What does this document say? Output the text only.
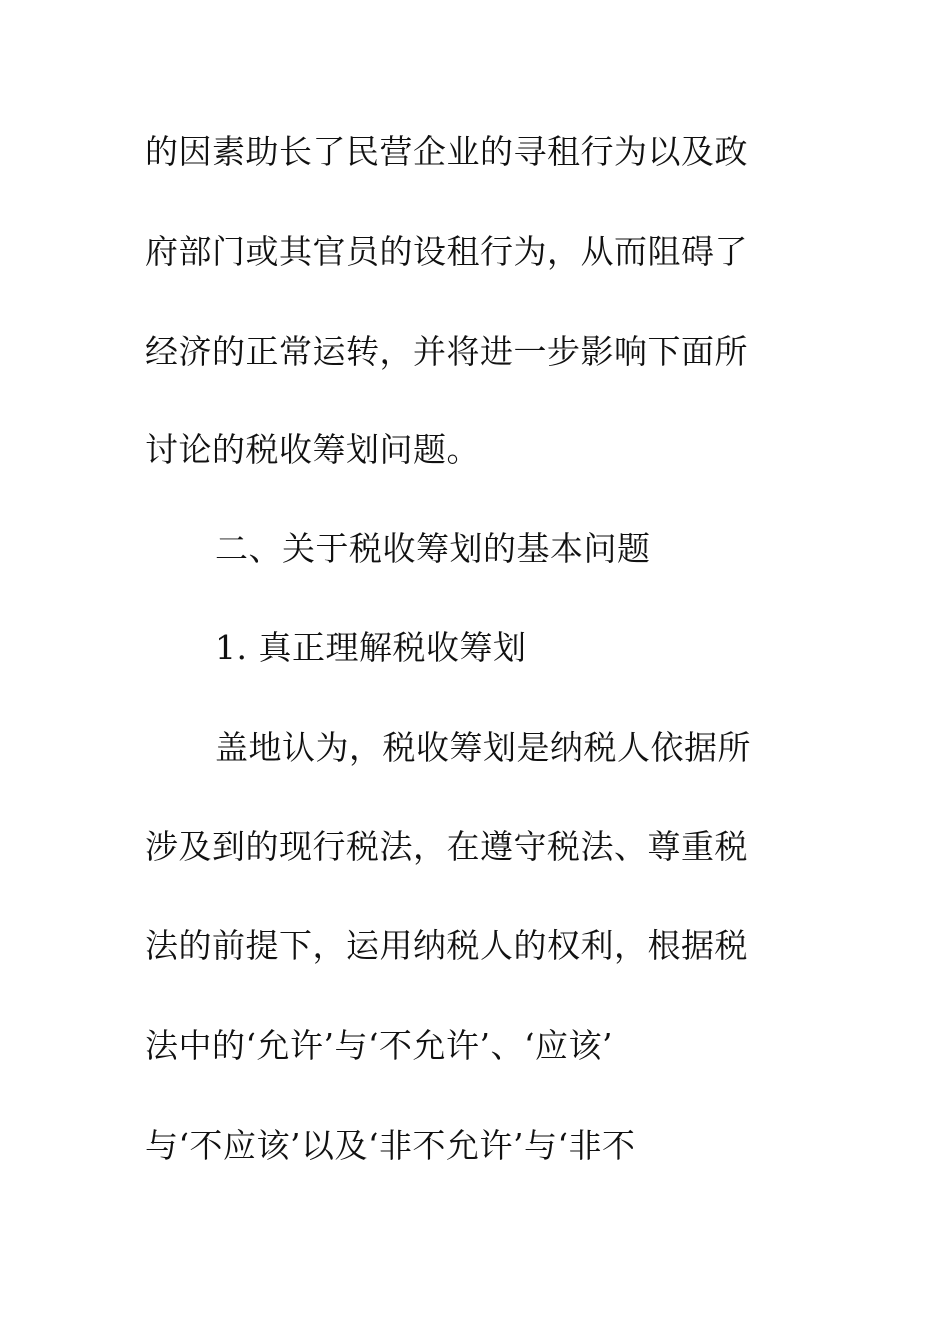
的因素助长了民营企业的寻租行为以及政
府部门或其官员的设租行为，从而阻碍了
经济的正常运转，并将进一步影响下面所
讨论的税收筹划问题。
二、关于税收筹划的基本问题
1. 真正理解税收筹划
盖地认为，税收筹划是纳税人依据所
涉及到的现行税法，在遵守税法、尊重税
法的前提下，运用纳税人的权利，根据税
法中的‘允许’与‘不允许’、‘应该’
与‘不应该’以及‘非不允许’与‘非不
